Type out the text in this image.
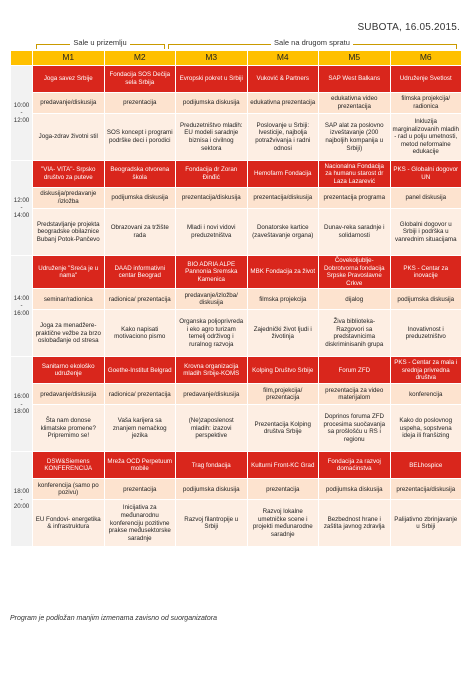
SUBOTA, 16.05.2015.
Sale u prizemlju	Sale na drugom spratu
	M1	M2	M3	M4	M5	M6
10:00
-
12:00	Joga savez Srbije	Fondacija SOS Dečija sela Srbija	Evropski pokret u Srbiji	Vuković & Partners	SAP West Balkans	Udruženje Svetlost
	predavanje/diskusija	prezentacija	podijumska diskusija	edukativna prezentacija	edukativna video prezentacija	filmska projekcija/ radionica
	Joga-zdrav životni stil	SOS koncept i programi podrške deci i porodici	Preduzetništvo mladih: EU modeli saradnje biznisa i civilnog sektora	Poslovanje u Srbiji: Ivesticije, najbolja potražvivanja i radni odnosi	SAP alat za poslovno izveštavanje (200 najboljih kompanija u Srbiji)	Inkluzija marginalizovanih mladih - rad u polju umetnosti, metod neformalne edukacije
12:00
-
14:00	"VIA- VITA"- Srpsko društvo za puteve	Beogradska otvorena škola	Fondacija dr Zoran Đinđić	Hemofarm Fondacija	Nacionalna Fondacija za humanu starost dr Laza Lazarević	PKS - Globalni dogovor UN
	diskusija/predavanje /izložba	podijumska diskusija	prezentacija/diskusija	prezentacija/diskusija	prezentacija programa	panel diskusija
	Predstavljanje projekta beogradske obilaznice Bubanj Potok-Pančevo	Obrazovani za tržište rada	Mladi i novi vidovi preduzetništva	Donatorske kartice (zaveštavanje organa)	Dunav-reka saradnje i solidarnosti	Globalni dogovor u Srbiji i podrška u vanrednim situacijama
14:00
-
16:00	Udruženje "Sreća je u nama"	DAAD informativni centar Beograd	BIO ADRIA ALPE Pannonia Sremska Kamenica	MBK Fondacija za život	Čovekoljublje- Dobrotvorna fondacija Srpske Pravoslavne Crkve	PKS - Centar za inovacije
	seminar/radionica	radionica/ prezentacija	predavanje/izložba/ diskusija	filmska projekcija	dijalog	podijumska diskusija
	Joga za menadžere-praktične vežbe za brzo oslobađanje od stresa	Kako napisati motivaciono pismo	Organska poljoprivreda i eko agro turizam temelj održivog i ruralnog razvoja	Zajednički život ljudi i životinja	Živa biblioteka- Razgovori sa predstavnicima diskriminisanih grupa	Inovativnost i preduzetništvo
16:00
-
18:00	Sanitarno ekološko udruženje	Goethe-Institut Belgrad	Krovna organizacija mladih Srbije-KOMS	Kolping Društvo Srbije	Forum ZFD	PKS - Centar za mala i srednja privredna društva
	predavanje/diskusija	radionica/ prezentacija	predavanje/diskusija	film,projekcija/ prezentacija	prezentacija za video materijalom	konferencija
	Šta nam donose klimatske promene? Pripremimo se!	Vaša karijera sa znanjem nemačkog jezika	(Ne)zaposlenost mladih: izazovi perspektive	Prezentacija Kolping društva Srbije	Doprinos foruma ZFD procesima suočavanja sa prošlošću u RS i regionu	Kako do poslovnog uspeha, sopstvena ideja ili franšizing
18:00
-
20:00	DSW&Siemens KONFERENCIJA	Mreža OCD Perpetuum mobile	Trag fondacija	Kulturni Front-KC Grad	Fondacija za razvoj domaćinstva	BELhospice
	konferencija (samo po pozivu)	prezentacija	podijumska diskusija	prezentacija	podijumska diskusija	prezentacija/diskusija
	EU Fondovi- energetika & infrastruktura	Inicijativa za međunarodnu konferenciju pozitivne prakse međusektorske saradnje	Razvoj filantropije u Srbiji	Razvoj lokalne umetničke scene i projekti međunarodne saradnje	Bezbednost hrane i zaštita javnog zdravlja	Palijativno zbrinjavanje u Srbiji
Program je podložan manjim izmenama zavisno od suorganizatora
